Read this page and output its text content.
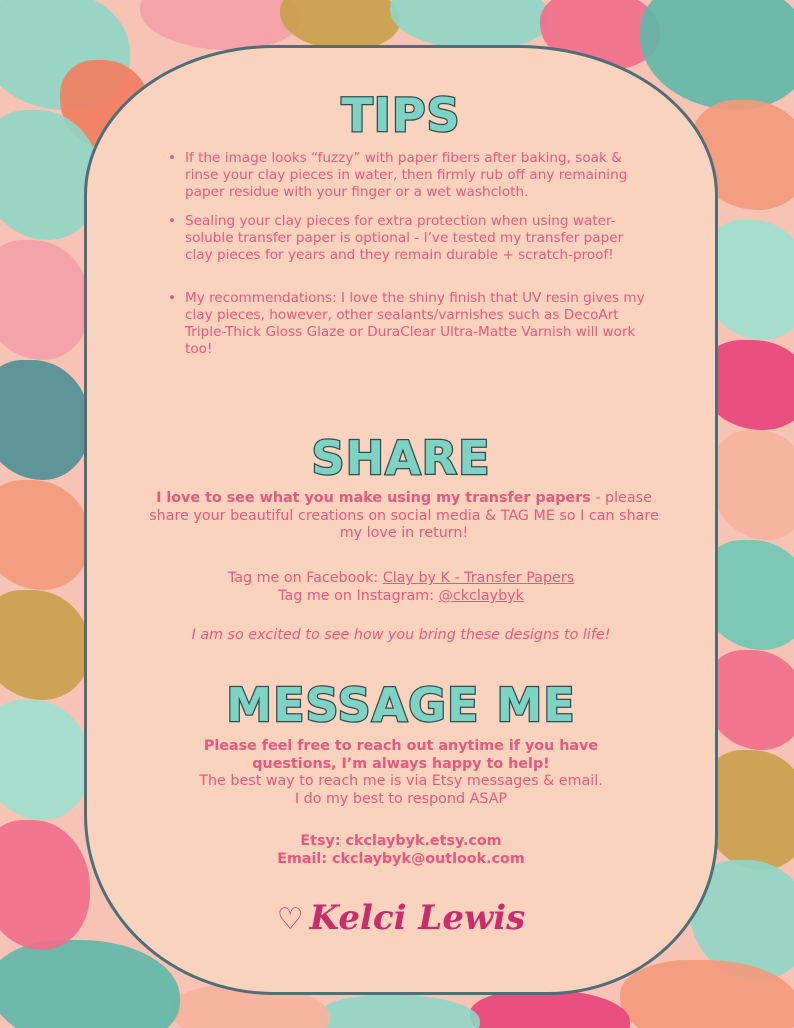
TIPS
• If the image looks “fuzzy” with paper fibers after baking, soak & rinse your clay pieces in water, then firmly rub off any remaining paper residue with your finger or a wet washcloth.
• Sealing your clay pieces for extra protection when using water-soluble transfer paper is optional - I’ve tested my transfer paper clay pieces for years and they remain durable + scratch-proof!
• My recommendations: I love the shiny finish that UV resin gives my clay pieces, however, other sealants/varnishes such as DecoArt Triple-Thick Gloss Glaze or DuraClear Ultra-Matte Varnish will work too!
SHARE
I love to see what you make using my transfer papers - please share your beautiful creations on social media & TAG ME so I can share my love in return!
Tag me on Facebook: Clay by K - Transfer Papers
Tag me on Instagram: @ckclaybyk
I am so excited to see how you bring these designs to life!
MESSAGE ME
Please feel free to reach out anytime if you have
questions, I’m always happy to help!
The best way to reach me is via Etsy messages & email.
I do my best to respond ASAP
Etsy: ckclaybyk.etsy.com
Email: ckclaybyk@outlook.com
♡ Kelci Lewis
